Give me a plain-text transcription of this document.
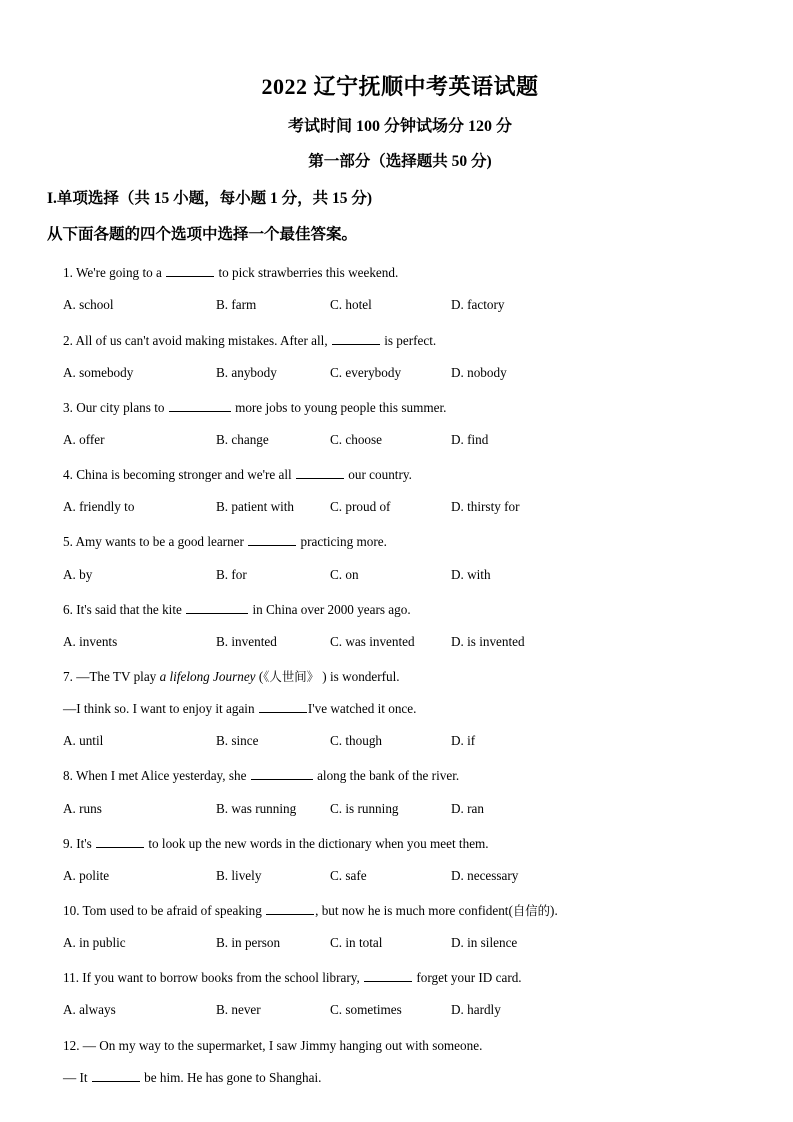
2022 辽宁抚顺中考英语试题
考试时间 100 分钟试场分 120 分
第一部分（选择题共 50 分)
I.单项选择（共 15 小题，每小题 1 分，共 15 分)
从下面各题的四个选项中选择一个最佳答案。
1. We're going to a	to pick strawberries this weekend.
A. school	B. farm	C. hotel	D. factory
2. All of us can't avoid making mistakes. After all,	is perfect.
A. somebody	B. anybody	C. everybody	D. nobody
3. Our city plans to	more jobs to young people this summer.
A. offer	B. change	C. choose	D. find
4. China is becoming stronger and we're all	our country.
A. friendly to	B. patient with	C. proud of	D. thirsty for
5. Amy wants to be a good learner	practicing more.
A. by	B. for	C. on	D. with
6. It's said that the kite	in China over 2000 years ago.
A. invents	B. invented	C. was invented	D. is invented
7. —The TV play a lifelong Journey (《人世间》 ) is wonderful.
—I think so. I want to enjoy it again	I've watched it once.
A. until	B. since	C. though	D. if
8. When I met Alice yesterday, she	along the bank of the river.
A. runs	B. was running	C. is running	D. ran
9. It's	to look up the new words in the dictionary when you meet them.
A. polite	B. lively	C. safe	D. necessary
10. Tom used to be afraid of speaking	, but now he is much more confident(自信的).
A. in public	B. in person	C. in total	D. in silence
11. If you want to borrow books from the school library,	forget your ID card.
A. always	B. never	C. sometimes	D. hardly
12. — On my way to the supermarket, I saw Jimmy hanging out with someone.
— It	be him. He has gone to Shanghai.
